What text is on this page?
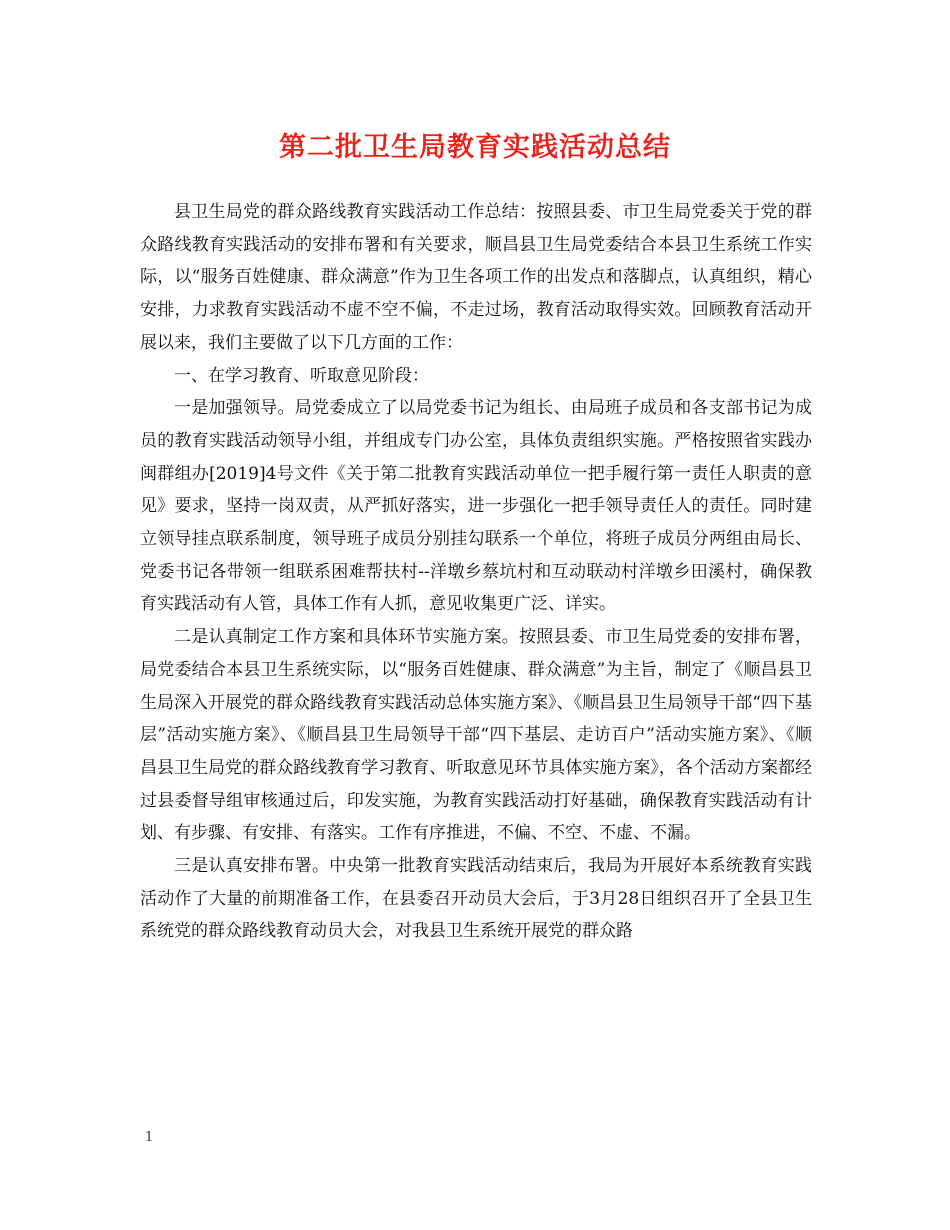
第二批卫生局教育实践活动总结

县卫生局党的群众路线教育实践活动工作总结：按照县委、市卫生局党委关于党的群众路线教育实践活动的安排布署和有关要求，顺昌县卫生局党委结合本县卫生系统工作实际，以“服务百姓健康、群众满意”作为卫生各项工作的出发点和落脚点，认真组织，精心安排，力求教育实践活动不虚不空不偏，不走过场，教育活动取得实效。回顾教育活动开展以来，我们主要做了以下几方面的工作：

一、在学习教育、听取意见阶段：

一是加强领导。局党委成立了以局党委书记为组长、由局班子成员和各支部书记为成员的教育实践活动领导小组，并组成专门办公室，具体负责组织实施。严格按照省实践办闽群组办[2019]4号文件《关于第二批教育实践活动单位一把手履行第一责任人职责的意见》要求，坚持一岗双责，从严抓好落实，进一步强化一把手领导责任人的责任。同时建立领导挂点联系制度，领导班子成员分别挂勾联系一个单位，将班子成员分两组由局长、党委书记各带领一组联系困难帮扶村--洋墩乡蔡坑村和互动联动村洋墩乡田溪村，确保教育实践活动有人管，具体工作有人抓，意见收集更广泛、详实。

二是认真制定工作方案和具体环节实施方案。按照县委、市卫生局党委的安排布署，局党委结合本县卫生系统实际，以“服务百姓健康、群众满意”为主旨，制定了《顺昌县卫生局深入开展党的群众路线教育实践活动总体实施方案》、《顺昌县卫生局领导干部“四下基层”活动实施方案》、《顺昌县卫生局领导干部“四下基层、走访百户”活动实施方案》、《顺昌县卫生局党的群众路线教育学习教育、听取意见环节具体实施方案》，各个活动方案都经过县委督导组审核通过后，印发实施，为教育实践活动打好基础，确保教育实践活动有计划、有步骤、有安排、有落实。工作有序推进，不偏、不空、不虚、不漏。

三是认真安排布署。中央第一批教育实践活动结束后，我局为开展好本系统教育实践活动作了大量的前期准备工作，在县委召开动员大会后，于3月28日组织召开了全县卫生系统党的群众路线教育动员大会，对我县卫生系统开展党的群众路

1
